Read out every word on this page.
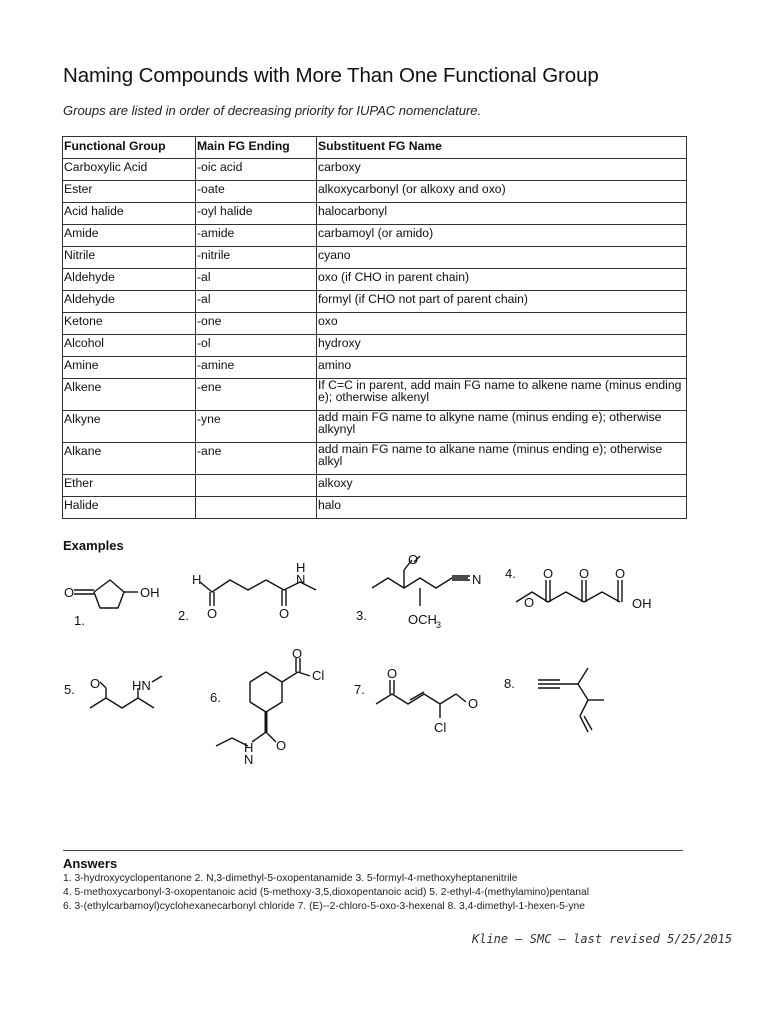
Naming Compounds with More Than One Functional Group
Groups are listed in order of decreasing priority for IUPAC nomenclature.
Functional Group	Main FG Ending	Substituent FG Name
Carboxylic Acid	-oic acid	carboxy
Ester	-oate	alkoxycarbonyl (or alkoxy and oxo)
Acid halide	-oyl halide	halocarbonyl
Amide	-amide	carbamoyl (or amido)
Nitrile	-nitrile	cyano
Aldehyde	-al	oxo (if CHO in parent chain)
Aldehyde	-al	formyl (if CHO not part of parent chain)
Ketone	-one	oxo
Alcohol	-ol	hydroxy
Amine	-amine	amino
Alkene	-ene	If C=C in parent, add main FG name to alkene name (minus ending e); otherwise alkenyl
Alkyne	-yne	add main FG name to alkyne name (minus ending e); otherwise alkynyl
Alkane	-ane	add main FG name to alkane name (minus ending e); otherwise alkyl
Ether		alkoxy
Halide		halo
Examples
1.
O	OH
2.
H
O	O
N
H
3.
O
N
OCH 3
4.
O
O O O
OH
5. O HN
6.
O
Cl
O
H
N
7.
O
O
Cl
8.
Answers
1. 3-hydroxycyclopentanone 2. N,3-dimethyl-5-oxopentanamide 3. 5-formyl-4-methoxyheptanenitrile
4. 5-methoxycarbonyl-3-oxopentanoic acid (5-methoxy-3,5,dioxopentanoic acid) 5. 2-ethyl-4-(methylamino)pentanal
6. 3-(ethylcarbamoyl)cyclohexanecarbonyl chloride 7. (E)--2-chloro-5-oxo-3-hexenal 8. 3,4-dimethyl-1-hexen-5-yne
Kline – SMC – last revised 5/25/2015
